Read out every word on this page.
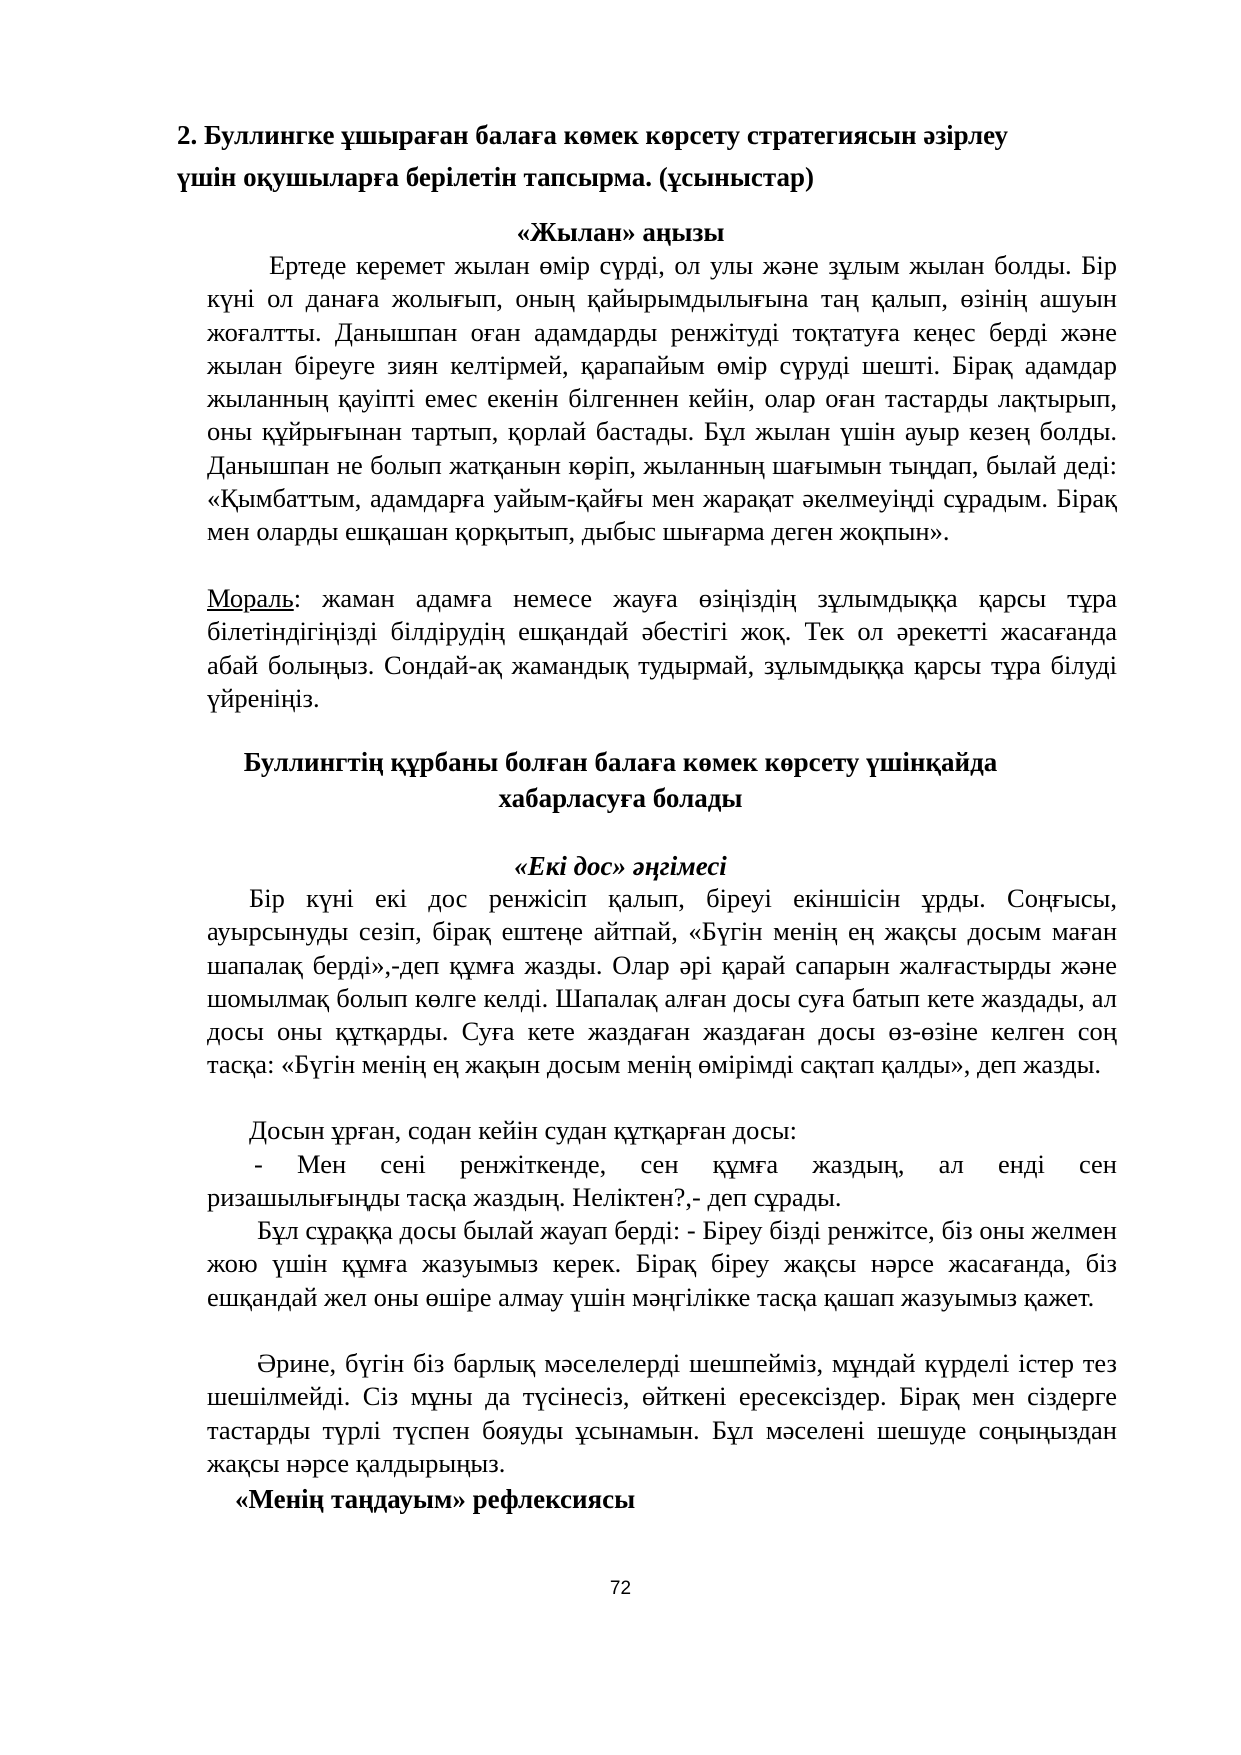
2. Буллингке ұшыраған балаға көмек көрсету стратегиясын әзірлеу
үшін оқушыларға берілетін тапсырма. (ұсыныстар)
«Жылан» аңызы
Ертеде керемет жылан өмір сүрді, ол улы және зұлым жылан болды. Бір күні ол данаға жолығып, оның қайырымдылығына таң қалып, өзінің ашуын жоғалтты. Данышпан оған адамдарды ренжітуді тоқтатуға кеңес берді және жылан біреуге зиян келтірмей, қарапайым өмір сүруді шешті. Бірақ адамдар жыланның қауіпті емес екенін білгеннен кейін, олар оған тастарды лақтырып, оны құйрығынан тартып, қорлай бастады. Бұл жылан үшін ауыр кезең болды. Данышпан не болып жатқанын көріп, жыланның шағымын тыңдап, былай деді: «Қымбаттым, адамдарға уайым-қайғы мен жарақат әкелмеуіңді сұрадым. Бірақ мен оларды ешқашан қорқытып, дыбыс шығарма деген жоқпын».
Мораль: жаман адамға немесе жауға өзіңіздің зұлымдыққа қарсы тұра білетіндігіңізді білдірудің ешқандай әбестігі жоқ. Тек ол әрекетті жасағанда абай болыңыз. Сондай-ақ жамандық тудырмай, зұлымдыққа қарсы тұра білуді үйреніңіз.
Буллингтің құрбаны болған балаға көмек көрсету үшінқайда
хабарласуға болады
«Екі дос» әңгімесі
Бір күні екі дос ренжісіп қалып, біреуі екіншісін ұрды. Соңғысы, ауырсынуды сезіп, бірақ ештеңе айтпай, «Бүгін менің ең жақсы досым маған шапалақ берді»,-деп құмға жазды. Олар әрі қарай сапарын жалғастырды және шомылмақ болып көлге келді. Шапалақ алған досы суға батып кете жаздады, ал досы оны құтқарды. Суға кете жаздаған жаздаған досы өз-өзіне келген соң тасқа: «Бүгін менің ең жақын досым менің өмірімді сақтап қалды», деп жазды.
Досын ұрған, содан кейін судан құтқарған досы:
- Мен сені ренжіткенде, сен құмға жаздың, ал енді сен
ризашылығыңды тасқа жаздың. Неліктен?,- деп сұрады.
Бұл сұраққа досы былай жауап берді: - Біреу бізді ренжітсе, біз оны желмен жою үшін құмға жазуымыз керек. Бірақ біреу жақсы нәрсе жасағанда, біз ешқандай жел оны өшіре алмау үшін мәңгілікке тасқа қашап жазуымыз қажет.
Әрине, бүгін біз барлық мәселелерді шешпейміз, мұндай күрделі істер тез шешілмейді. Сіз мұны да түсінесіз, өйткені ересексіздер. Бірақ мен сіздерге тастарды түрлі түспен бояуды ұсынамын. Бұл мәселені шешуде соңыңыздан жақсы нәрсе қалдырыңыз.
«Менің таңдауым» рефлексиясы
72
